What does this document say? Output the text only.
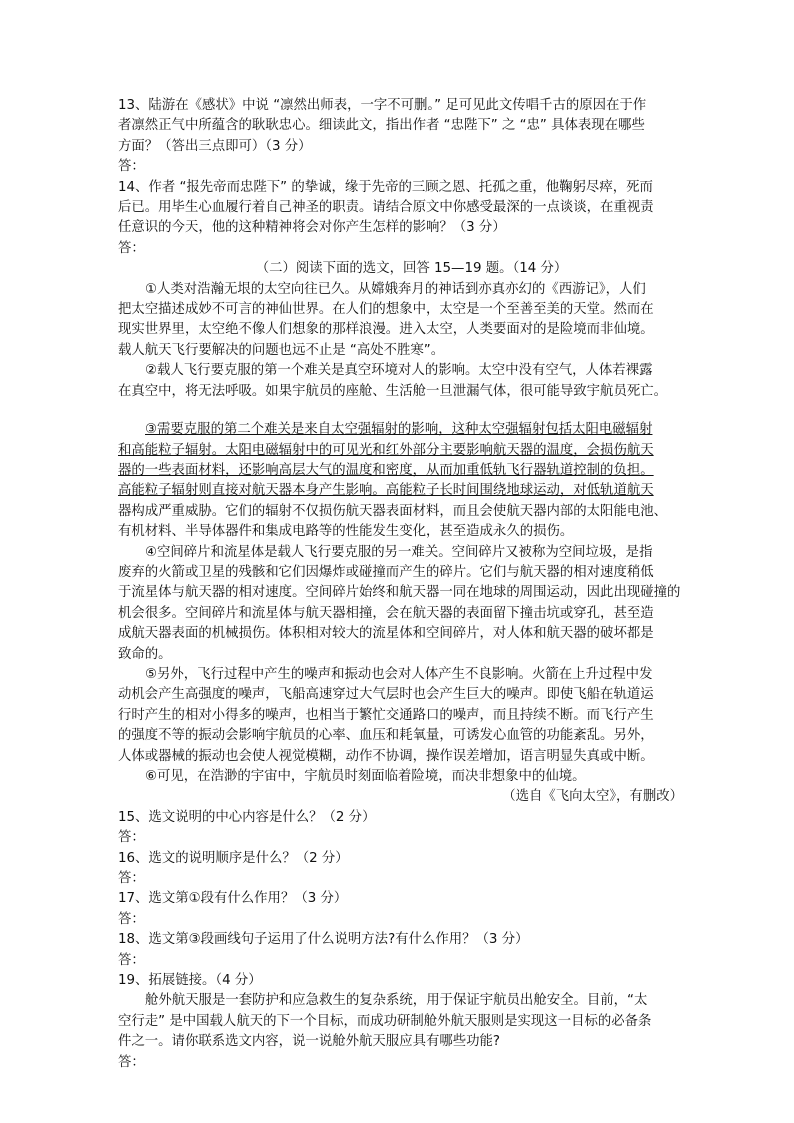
13、陆游在《感状》中说 “凛然出师表，一字不可删。” 足可见此文传唱千古的原因在于作
者凛然正气中所蕴含的耿耿忠心。细读此文，指出作者 “忠陛下” 之 “忠” 具体表现在哪些
方面？（答出三点即可）（3 分）
答：
14、作者 “报先帝而忠陛下” 的挚诚，缘于先帝的三顾之恩、托孤之重，他鞠躬尽瘁，死而
后已。用毕生心血履行着自己神圣的职责。请结合原文中你感受最深的一点谈谈，在重视责
任意识的今天，他的这种精神将会对你产生怎样的影响？（3 分）
答：
（二）阅读下面的选文，回答 15—19 题。（14 分）
①人类对浩瀚无垠的太空向往已久。从嫦娥奔月的神话到亦真亦幻的《西游记》，人们
把太空描述成妙不可言的神仙世界。在人们的想象中，太空是一个至善至美的天堂。然而在
现实世界里，太空绝不像人们想象的那样浪漫。进入太空，人类要面对的是险境而非仙境。
载人航天飞行要解决的问题也远不止是 “高处不胜寒”。
②载人飞行要克服的第一个难关是真空环境对人的影响。太空中没有空气，人体若裸露
在真空中，将无法呼吸。如果宇航员的座舱、生活舱一旦泄漏气体，很可能导致宇航员死亡。
③需要克服的第二个难关是来自太空强辐射的影响，这种太空强辐射包括太阳电磁辐射
和高能粒子辐射。太阳电磁辐射中的可见光和红外部分主要影响航天器的温度，会损伤航天
器的一些表面材料，还影响高层大气的温度和密度，从而加重低轨飞行器轨道控制的负担。
高能粒子辐射则直接对航天器本身产生影响。高能粒子长时间围绕地球运动，对低轨道航天
器构成严重威胁。它们的辐射不仅损伤航天器表面材料，而且会使航天器内部的太阳能电池、
有机材料、半导体器件和集成电路等的性能发生变化，甚至造成永久的损伤。
④空间碎片和流星体是载人飞行要克服的另一难关。空间碎片又被称为空间垃圾，是指
废弃的火箭或卫星的残骸和它们因爆炸或碰撞而产生的碎片。它们与航天器的相对速度稍低
于流星体与航天器的相对速度。空间碎片始终和航天器一同在地球的周围运动，因此出现碰撞的
机会很多。空间碎片和流星体与航天器相撞，会在航天器的表面留下撞击坑或穿孔，甚至造
成航天器表面的机械损伤。体积相对较大的流星体和空间碎片，对人体和航天器的破坏都是
致命的。
⑤另外，飞行过程中产生的噪声和振动也会对人体产生不良影响。火箭在上升过程中发
动机会产生高强度的噪声，飞船高速穿过大气层时也会产生巨大的噪声。即使飞船在轨道运
行时产生的相对小得多的噪声，也相当于繁忙交通路口的噪声，而且持续不断。而飞行产生
的强度不等的振动会影响宇航员的心率、血压和耗氧量，可诱发心血管的功能紊乱。另外，
人体或器械的振动也会使人视觉模糊，动作不协调，操作误差增加，语言明显失真或中断。
⑥可见，在浩渺的宇宙中，宇航员时刻面临着险境，而决非想象中的仙境。
（选自《飞向太空》，有删改）
15、选文说明的中心内容是什么？（2 分）
答：
16、选文的说明顺序是什么？（2 分）
答：
17、选文第①段有什么作用？（3 分）
答：
18、选文第③段画线句子运用了什么说明方法?有什么作用？（3 分）
答：
19、拓展链接。（4 分）
舱外航天服是一套防护和应急救生的复杂系统，用于保证宇航员出舱安全。目前，“太
空行走” 是中国载人航天的下一个目标，而成功研制舱外航天服则是实现这一目标的必备条
件之一。请你联系选文内容，说一说舱外航天服应具有哪些功能?
答：
